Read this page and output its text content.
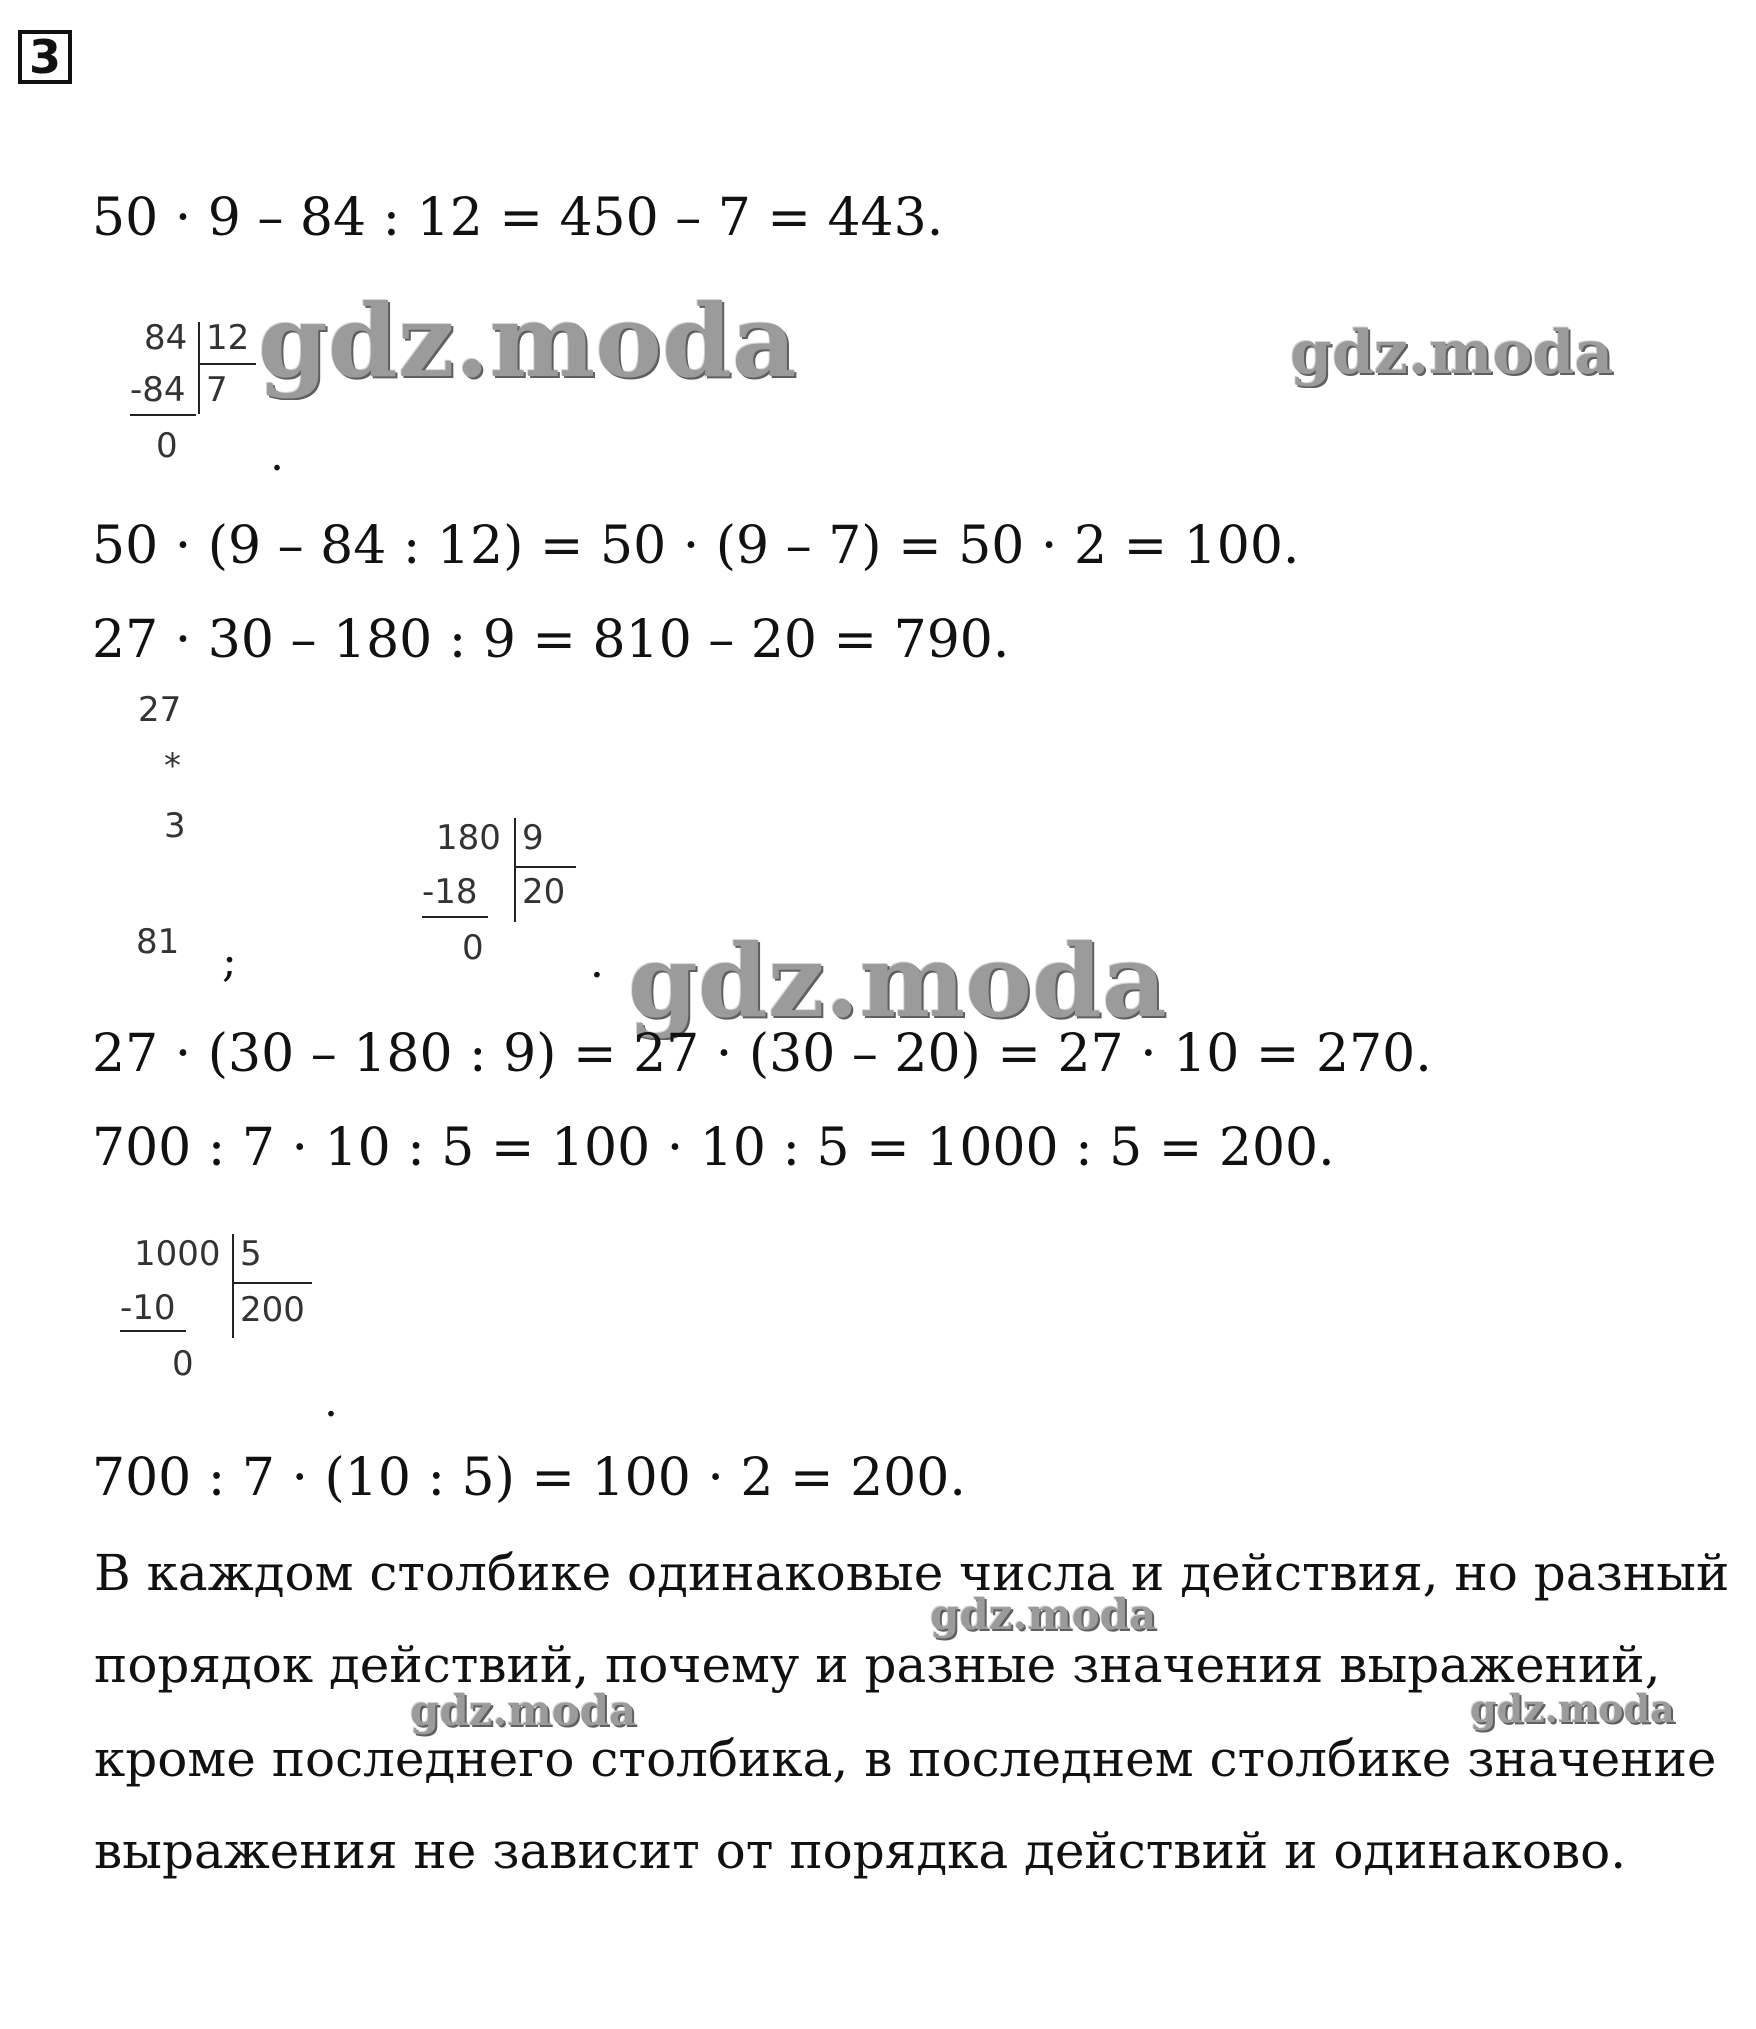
3
50 · 9 – 84 : 12 = 450 – 7 = 443.
84 12
-84 7
0 .
gdz.moda	gdz.moda
50 · (9 – 84 : 12) = 50 · (9 – 7) = 50 · 2 = 100.
27 · 30 – 180 : 9 = 810 – 20 = 790.
27
*
3
81 ;
180 9
-18 20
0
· gdz.moda
27 · (30 – 180 : 9) = 27 · (30 – 20) = 27 · 10 = 270.
700 : 7 · 10 : 5 = 100 · 10 : 5 = 1000 : 5 = 200.
1000 5
-10 200
0
.
700 : 7 · (10 : 5) = 100 · 2 = 200.
В каждом столбике одинаковые числа и действия, но разный
порядок действий, почему и разные значения выражений,
кроме последнего столбика, в последнем столбике значение
выражения не зависит от порядка действий и одинаково.
gdz.moda
gdz.moda	gdz.moda
